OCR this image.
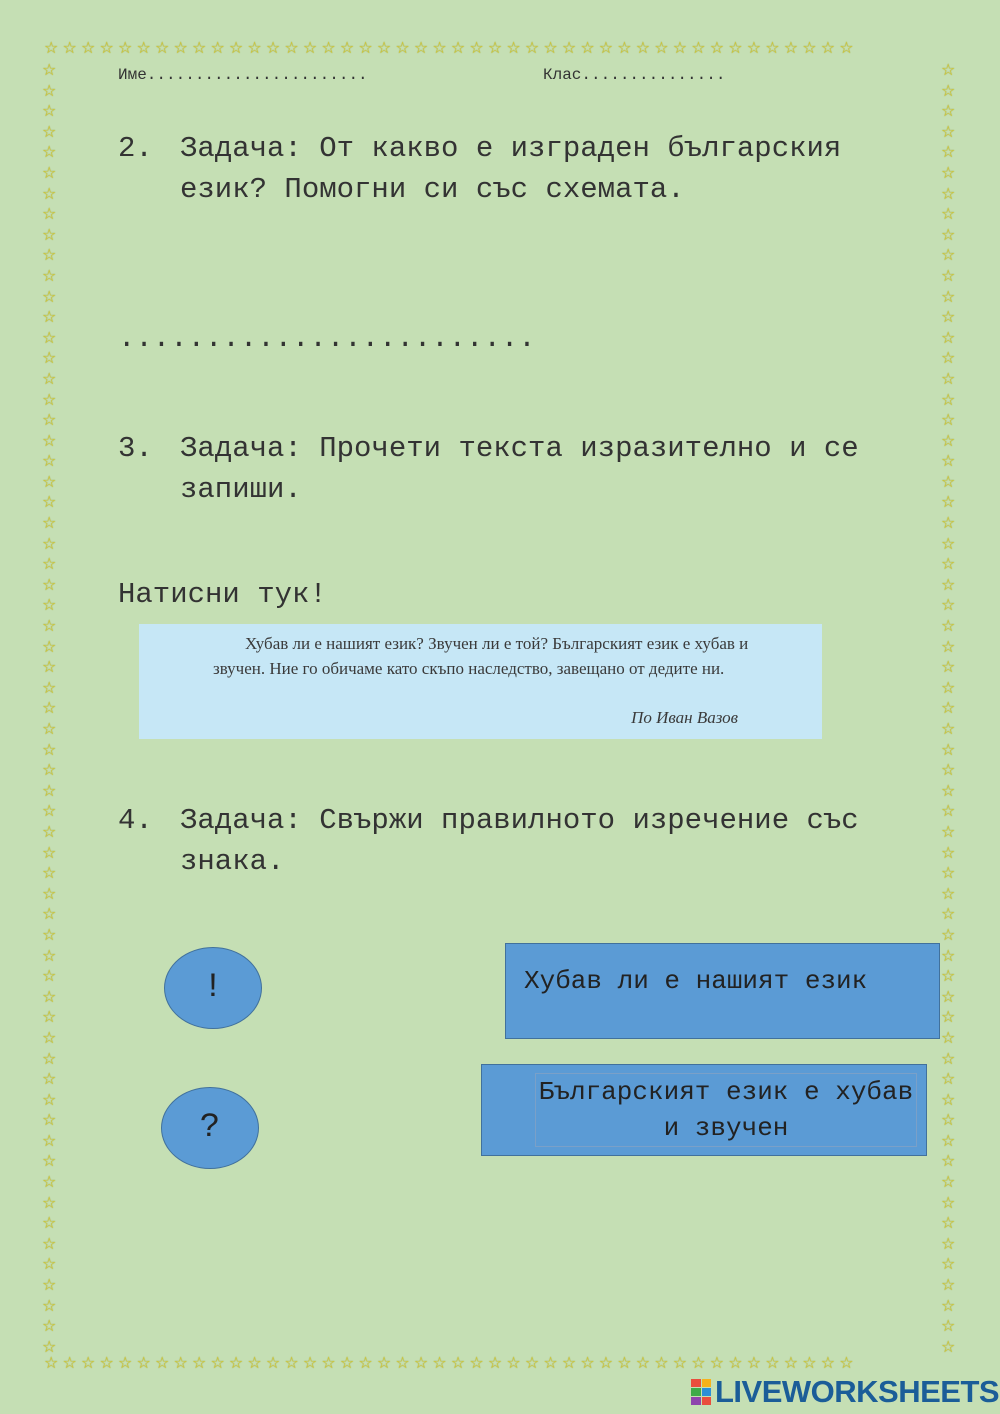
☆☆☆☆☆☆☆☆☆☆☆☆☆☆☆☆☆☆☆☆☆☆☆☆☆☆☆☆☆☆☆☆☆☆☆☆☆☆☆☆☆☆☆☆
☆☆☆☆☆☆☆☆☆☆☆☆☆☆☆☆☆☆☆☆☆☆☆☆☆☆☆☆☆☆☆☆☆☆☆☆☆☆☆☆☆☆☆☆
☆☆☆☆☆☆☆☆☆☆☆☆☆☆☆☆☆☆☆☆☆☆☆☆☆☆☆☆☆☆☆☆☆☆☆☆☆☆☆☆☆☆☆☆☆☆☆☆☆☆☆☆☆☆☆☆☆☆☆☆☆☆☆
☆☆☆☆☆☆☆☆☆☆☆☆☆☆☆☆☆☆☆☆☆☆☆☆☆☆☆☆☆☆☆☆☆☆☆☆☆☆☆☆☆☆☆☆☆☆☆☆☆☆☆☆☆☆☆☆☆☆☆☆☆☆☆
Име.......................	Клас...............
2. Задача: От какво е изграден българския език? Помогни си със схемата.
........................
3. Задача: Прочети текста изразително и се запиши.
Натисни тук!
Хубав ли е нашият език? Звучен ли е той? Българският език е хубав и звучен. Ние го обичаме като скъпо наследство, завещано от дедите ни.
По Иван Вазов
4. Задача: Свържи правилното изречение със знака.
!
?
Хубав ли е нашият език
Българският език е хубав и звучен
LIVEWORKSHEETS
